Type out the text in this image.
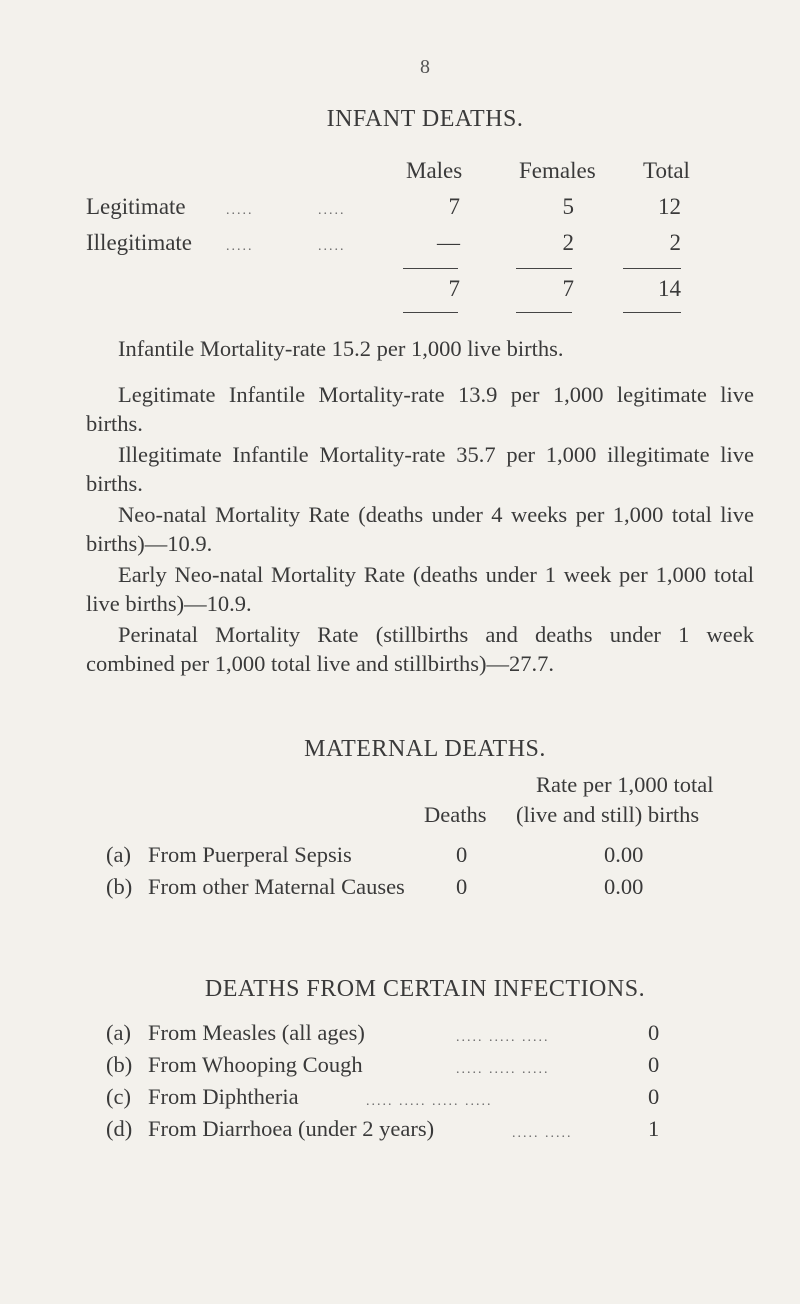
8
INFANT DEATHS.
Males Females Total
Legitimate	.....	.....	7	5	12
Illegitimate .....	.....	—	2	2
7	7	14
Infantile Mortality-rate 15.2 per 1,000 live births.
Legitimate Infantile Mortality-rate 13.9 per 1,000 legitimate live births.
Illegitimate Infantile Mortality-rate 35.7 per 1,000 illegitimate live births.
Neo-natal Mortality Rate (deaths under 4 weeks per 1,000 total live births)—10.9.
Early Neo-natal Mortality Rate (deaths under 1 week per 1,000 total live births)—10.9.
Perinatal Mortality Rate (stillbirths and deaths under 1 week combined per 1,000 total live and stillbirths)—27.7.
MATERNAL DEATHS.
Rate per 1,000 total
Deaths (live and still) births
(a) From Puerperal Sepsis	0	0.00
(b) From other Maternal Causes 0	0.00
DEATHS FROM CERTAIN INFECTIONS.
(a) From Measles (all ages)	..... ..... .....	0
(b) From Whooping Cough	..... ..... .....	0
(c) From Diphtheria	..... ..... ..... .....	0
(d) From Diarrhoea (under 2 years)	..... .....	1
